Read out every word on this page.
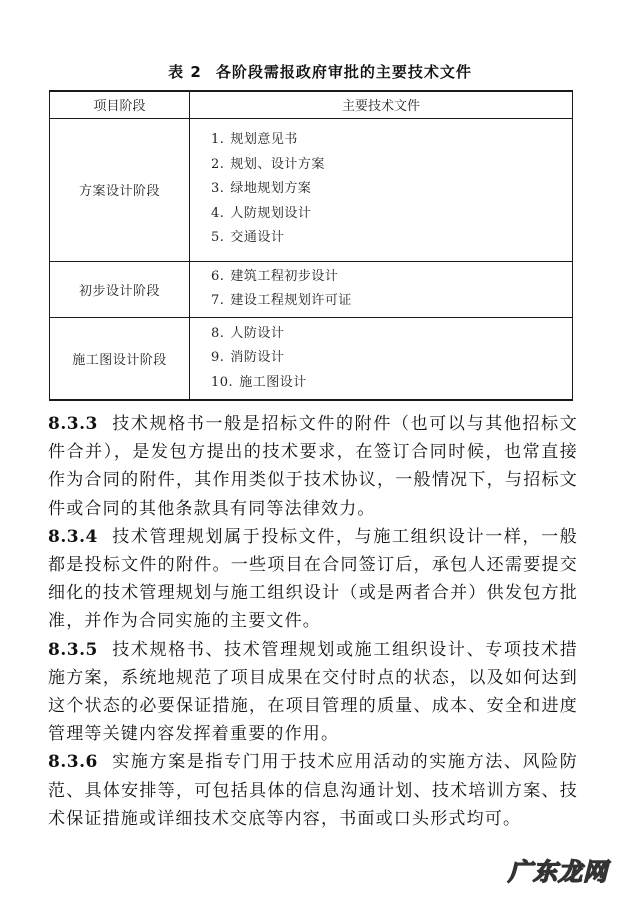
表 2 各阶段需报政府审批的主要技术文件
项目阶段	主要技术文件
方案设计阶段	1. 规划意见书
2. 规划、设计方案
3. 绿地规划方案
4. 人防规划设计
5. 交通设计

初步设计阶段	6. 建筑工程初步设计
7. 建设工程规划许可证

施工图设计阶段	8. 人防设计
9. 消防设计
10. 施工图设计

8.3.3 技术规格书一般是招标文件的附件（也可以与其他招标文件合并），是发包方提出的技术要求，在签订合同时候，也常直接作为合同的附件，其作用类似于技术协议，一般情况下，与招标文件或合同的其他条款具有同等法律效力。

8.3.4 技术管理规划属于投标文件，与施工组织设计一样，一般都是投标文件的附件。一些项目在合同签订后，承包人还需要提交细化的技术管理规划与施工组织设计（或是两者合并）供发包方批准，并作为合同实施的主要文件。

8.3.5 技术规格书、技术管理规划或施工组织设计、专项技术措施方案，系统地规范了项目成果在交付时点的状态，以及如何达到这个状态的必要保证措施，在项目管理的质量、成本、安全和进度管理等关键内容发挥着重要的作用。

8.3.6 实施方案是指专门用于技术应用活动的实施方法、风险防范、具体安排等，可包括具体的信息沟通计划、技术培训方案、技术保证措施或详细技术交底等内容，书面或口头形式均可。

广东龙网
